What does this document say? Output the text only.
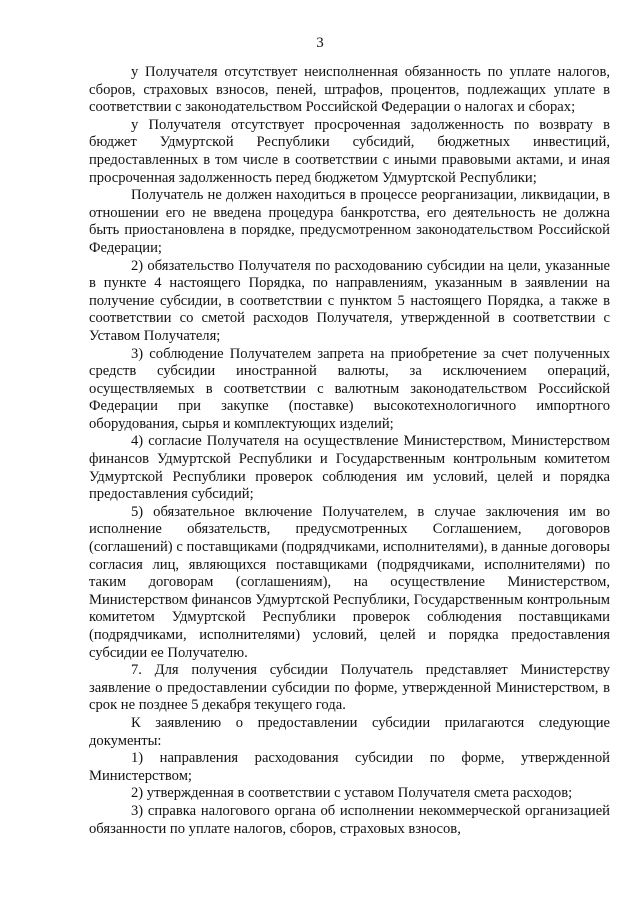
3

у Получателя отсутствует неисполненная обязанность по уплате налогов, сборов, страховых взносов, пеней, штрафов, процентов, подлежащих уплате в соответствии с законодательством Российской Федерации о налогах и сборах;

у Получателя отсутствует просроченная задолженность по возврату в бюджет Удмуртской Республики субсидий, бюджетных инвестиций, предоставленных в том числе в соответствии с иными правовыми актами, и иная просроченная задолженность перед бюджетом Удмуртской Республики;

Получатель не должен находиться в процессе реорганизации, ликвидации, в отношении его не введена процедура банкротства, его деятельность не должна быть приостановлена в порядке, предусмотренном законодательством Российской Федерации;

2) обязательство Получателя по расходованию субсидии на цели, указанные в пункте 4 настоящего Порядка, по направлениям, указанным в заявлении на получение субсидии, в соответствии с пунктом 5 настоящего Порядка, а также в соответствии со сметой расходов Получателя, утвержденной в соответствии с Уставом Получателя;

3) соблюдение Получателем запрета на приобретение за счет полученных средств субсидии иностранной валюты, за исключением операций, осуществляемых в соответствии с валютным законодательством Российской Федерации при закупке (поставке) высокотехнологичного импортного оборудования, сырья и комплектующих изделий;

4) согласие Получателя на осуществление Министерством, Министерством финансов Удмуртской Республики и Государственным контрольным комитетом Удмуртской Республики проверок соблюдения им условий, целей и порядка предоставления субсидий;

5) обязательное включение Получателем, в случае заключения им во исполнение обязательств, предусмотренных Соглашением, договоров (соглашений) с поставщиками (подрядчиками, исполнителями), в данные договоры согласия лиц, являющихся поставщиками (подрядчиками, исполнителями) по таким договорам (соглашениям), на осуществление Министерством, Министерством финансов Удмуртской Республики, Государственным контрольным комитетом Удмуртской Республики проверок соблюдения поставщиками (подрядчиками, исполнителями) условий, целей и порядка предоставления субсидии ее Получателю.

7. Для получения субсидии Получатель представляет Министерству заявление о предоставлении субсидии по форме, утвержденной Министерством, в срок не позднее 5 декабря текущего года.

К заявлению о предоставлении субсидии прилагаются следующие документы:

1) направления расходования субсидии по форме, утвержденной Министерством;

2) утвержденная в соответствии с уставом Получателя смета расходов;

3) справка налогового органа об исполнении некоммерческой организацией обязанности по уплате налогов, сборов, страховых взносов,
